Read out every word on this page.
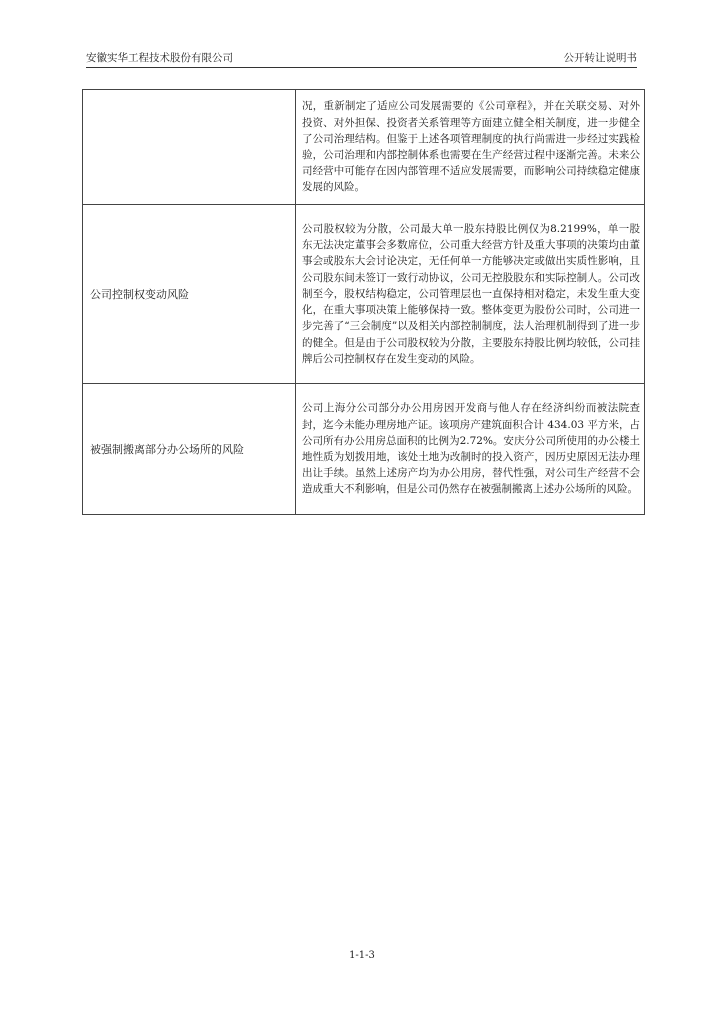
安徽实华工程技术股份有限公司	公开转让说明书
	况，重新制定了适应公司发展需要的《公司章程》，并在关联交易、对外投资、对外担保、投资者关系管理等方面建立健全相关制度，进一步健全了公司治理结构。但鉴于上述各项管理制度的执行尚需进一步经过实践检验，公司治理和内部控制体系也需要在生产经营过程中逐渐完善。未来公司经营中可能存在因内部管理不适应发展需要，而影响公司持续稳定健康发展的风险。
公司控制权变动风险	公司股权较为分散，公司最大单一股东持股比例仅为8.2199%，单一股东无法决定董事会多数席位，公司重大经营方针及重大事项的决策均由董事会或股东大会讨论决定，无任何单一方能够决定或做出实质性影响，且公司股东间未签订一致行动协议，公司无控股股东和实际控制人。公司改制至今，股权结构稳定，公司管理层也一直保持相对稳定，未发生重大变化，在重大事项决策上能够保持一致。整体变更为股份公司时，公司进一步完善了“三会制度”以及相关内部控制制度，法人治理机制得到了进一步的健全。但是由于公司股权较为分散，主要股东持股比例均较低，公司挂牌后公司控制权存在发生变动的风险。
被强制搬离部分办公场所的风险	公司上海分公司部分办公用房因开发商与他人存在经济纠纷而被法院查封，迄今未能办理房地产证。该项房产建筑面积合计 434.03 平方米，占公司所有办公用房总面积的比例为2.72%。安庆分公司所使用的办公楼土地性质为划拨用地，该处土地为改制时的投入资产，因历史原因无法办理出让手续。虽然上述房产均为办公用房，替代性强，对公司生产经营不会造成重大不利影响，但是公司仍然存在被强制搬离上述办公场所的风险。
1-1-3
